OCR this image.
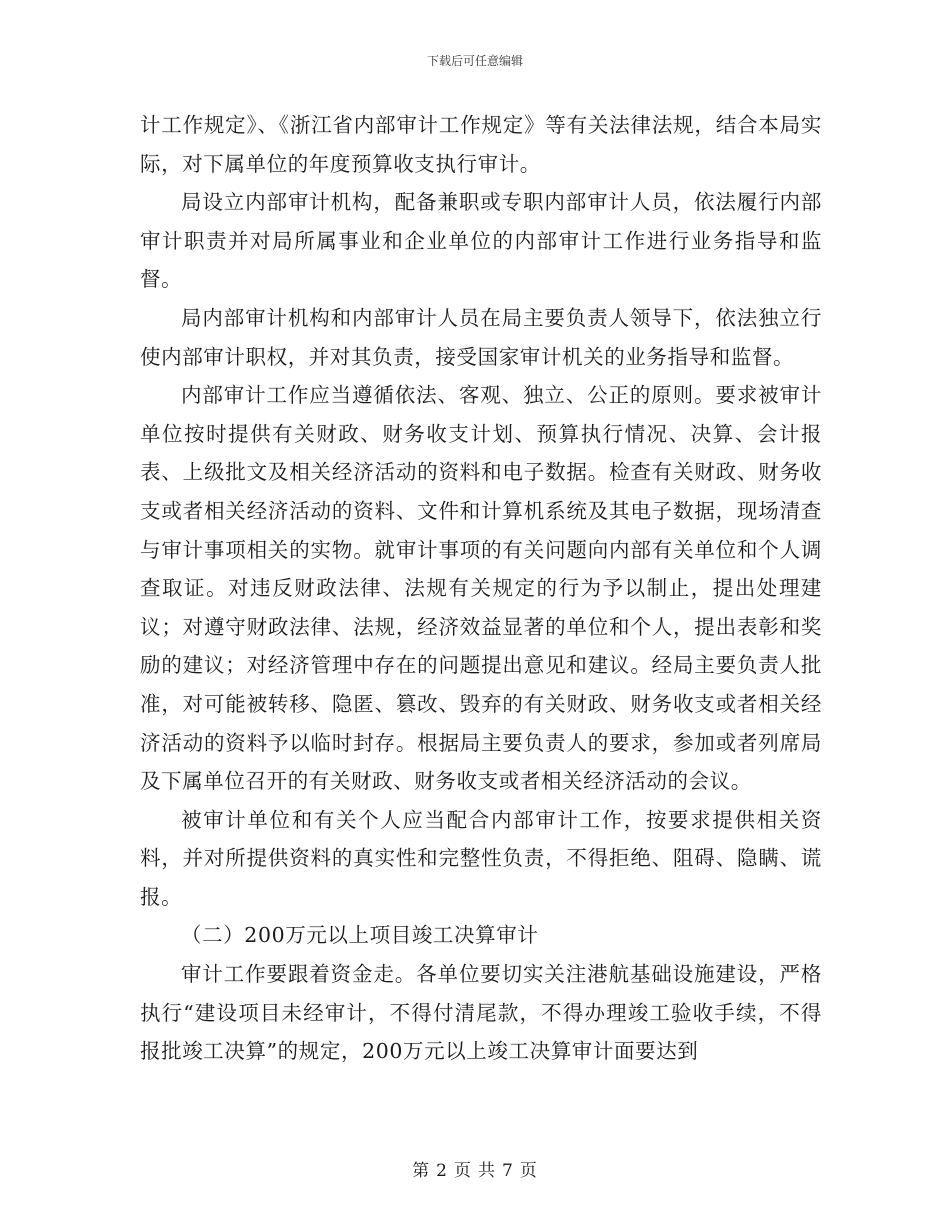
下载后可任意编辑

计工作规定》、《浙江省内部审计工作规定》等有关法律法规，结合本局实际，对下属单位的年度预算收支执行审计。

局设立内部审计机构，配备兼职或专职内部审计人员，依法履行内部审计职责并对局所属事业和企业单位的内部审计工作进行业务指导和监督。

局内部审计机构和内部审计人员在局主要负责人领导下，依法独立行使内部审计职权，并对其负责，接受国家审计机关的业务指导和监督。

内部审计工作应当遵循依法、客观、独立、公正的原则。要求被审计单位按时提供有关财政、财务收支计划、预算执行情况、决算、会计报表、上级批文及相关经济活动的资料和电子数据。检查有关财政、财务收支或者相关经济活动的资料、文件和计算机系统及其电子数据，现场清查与审计事项相关的实物。就审计事项的有关问题向内部有关单位和个人调查取证。对违反财政法律、法规有关规定的行为予以制止，提出处理建议；对遵守财政法律、法规，经济效益显著的单位和个人，提出表彰和奖励的建议；对经济管理中存在的问题提出意见和建议。经局主要负责人批准，对可能被转移、隐匿、篡改、毁弃的有关财政、财务收支或者相关经济活动的资料予以临时封存。根据局主要负责人的要求，参加或者列席局及下属单位召开的有关财政、财务收支或者相关经济活动的会议。

被审计单位和有关个人应当配合内部审计工作，按要求提供相关资料，并对所提供资料的真实性和完整性负责，不得拒绝、阻碍、隐瞒、谎报。

（二）200万元以上项目竣工决算审计

审计工作要跟着资金走。各单位要切实关注港航基础设施建设，严格执行“建设项目未经审计，不得付清尾款，不得办理竣工验收手续，不得报批竣工决算”的规定，200万元以上竣工决算审计面要达到

第 2 页 共 7 页
